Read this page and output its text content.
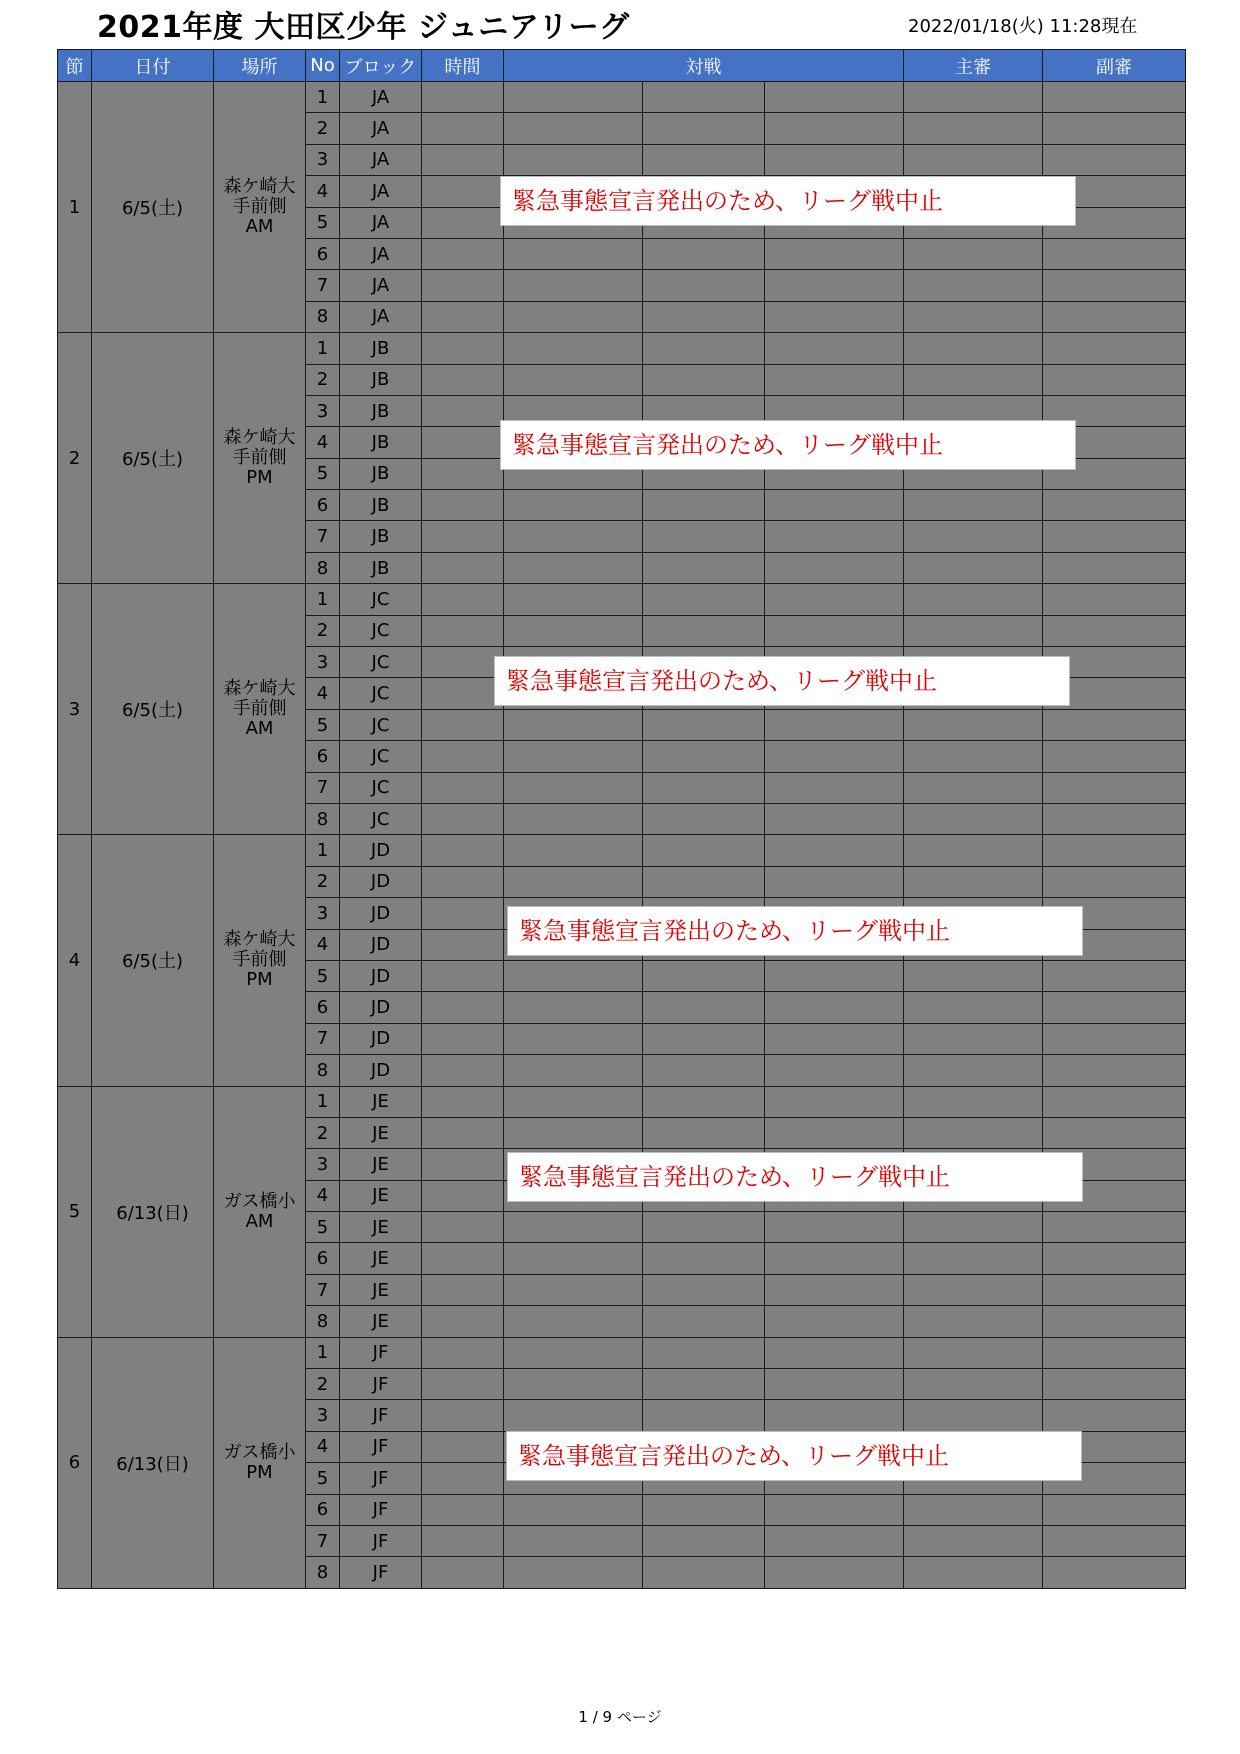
2021年度 大田区少年 ジュニアリーグ	2022/01/18(火) 11:28現在
節	日付	場所	No	ブロック	時間	対戦			主審	副審
1	6/5(土)	森ケ崎大
手前側
AM	1	JA						
			2	JA						
			3	JA						
			4	JA						
			5	JA						
			6	JA						
			7	JA						
			8	JA						
2	6/5(土)	森ケ崎大
手前側
PM	1	JB						
			2	JB						
			3	JB						
			4	JB						
			5	JB						
			6	JB						
			7	JB						
			8	JB						
3	6/5(土)	森ケ崎大
手前側
AM	1	JC						
			2	JC						
			3	JC						
			4	JC						
			5	JC						
			6	JC						
			7	JC						
			8	JC						
4	6/5(土)	森ケ崎大
手前側
PM	1	JD						
			2	JD						
			3	JD						
			4	JD						
			5	JD						
			6	JD						
			7	JD						
			8	JD						
5	6/13(日)	ガス橋小
AM	1	JE						
			2	JE						
			3	JE						
			4	JE						
			5	JE						
			6	JE						
			7	JE						
			8	JE						
6	6/13(日)	ガス橋小
PM	1	JF						
			2	JF						
			3	JF						
			4	JF						
			5	JF						
			6	JF						
			7	JF						
			8	JF						
緊急事態宣言発出のため、リーグ戦中止
緊急事態宣言発出のため、リーグ戦中止
緊急事態宣言発出のため、リーグ戦中止
緊急事態宣言発出のため、リーグ戦中止
緊急事態宣言発出のため、リーグ戦中止
緊急事態宣言発出のため、リーグ戦中止
1 / 9 ページ
